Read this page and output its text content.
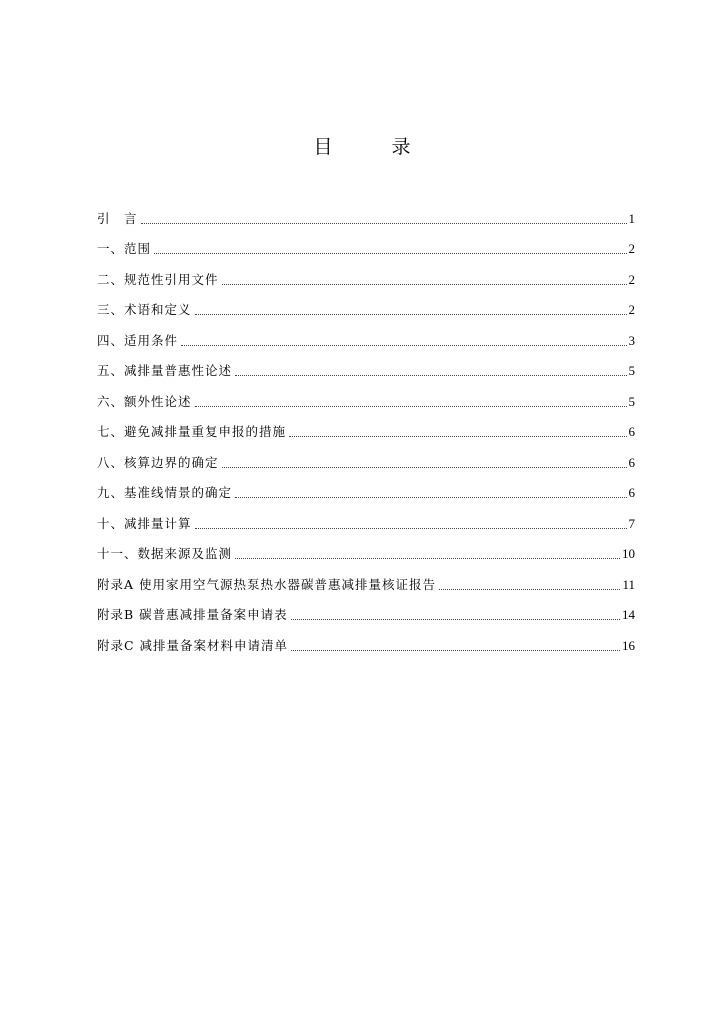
目　录
引　言	1
一、范围	2
二、规范性引用文件	2
三、术语和定义	2
四、适用条件	3
五、减排量普惠性论述	5
六、额外性论述	5
七、避免减排量重复申报的措施	6
八、核算边界的确定	6
九、基准线情景的确定	6
十、减排量计算	7
十一、数据来源及监测	10
附录A 使用家用空气源热泵热水器碳普惠减排量核证报告	11
附录B 碳普惠减排量备案申请表	14
附录C 减排量备案材料申请清单	16
